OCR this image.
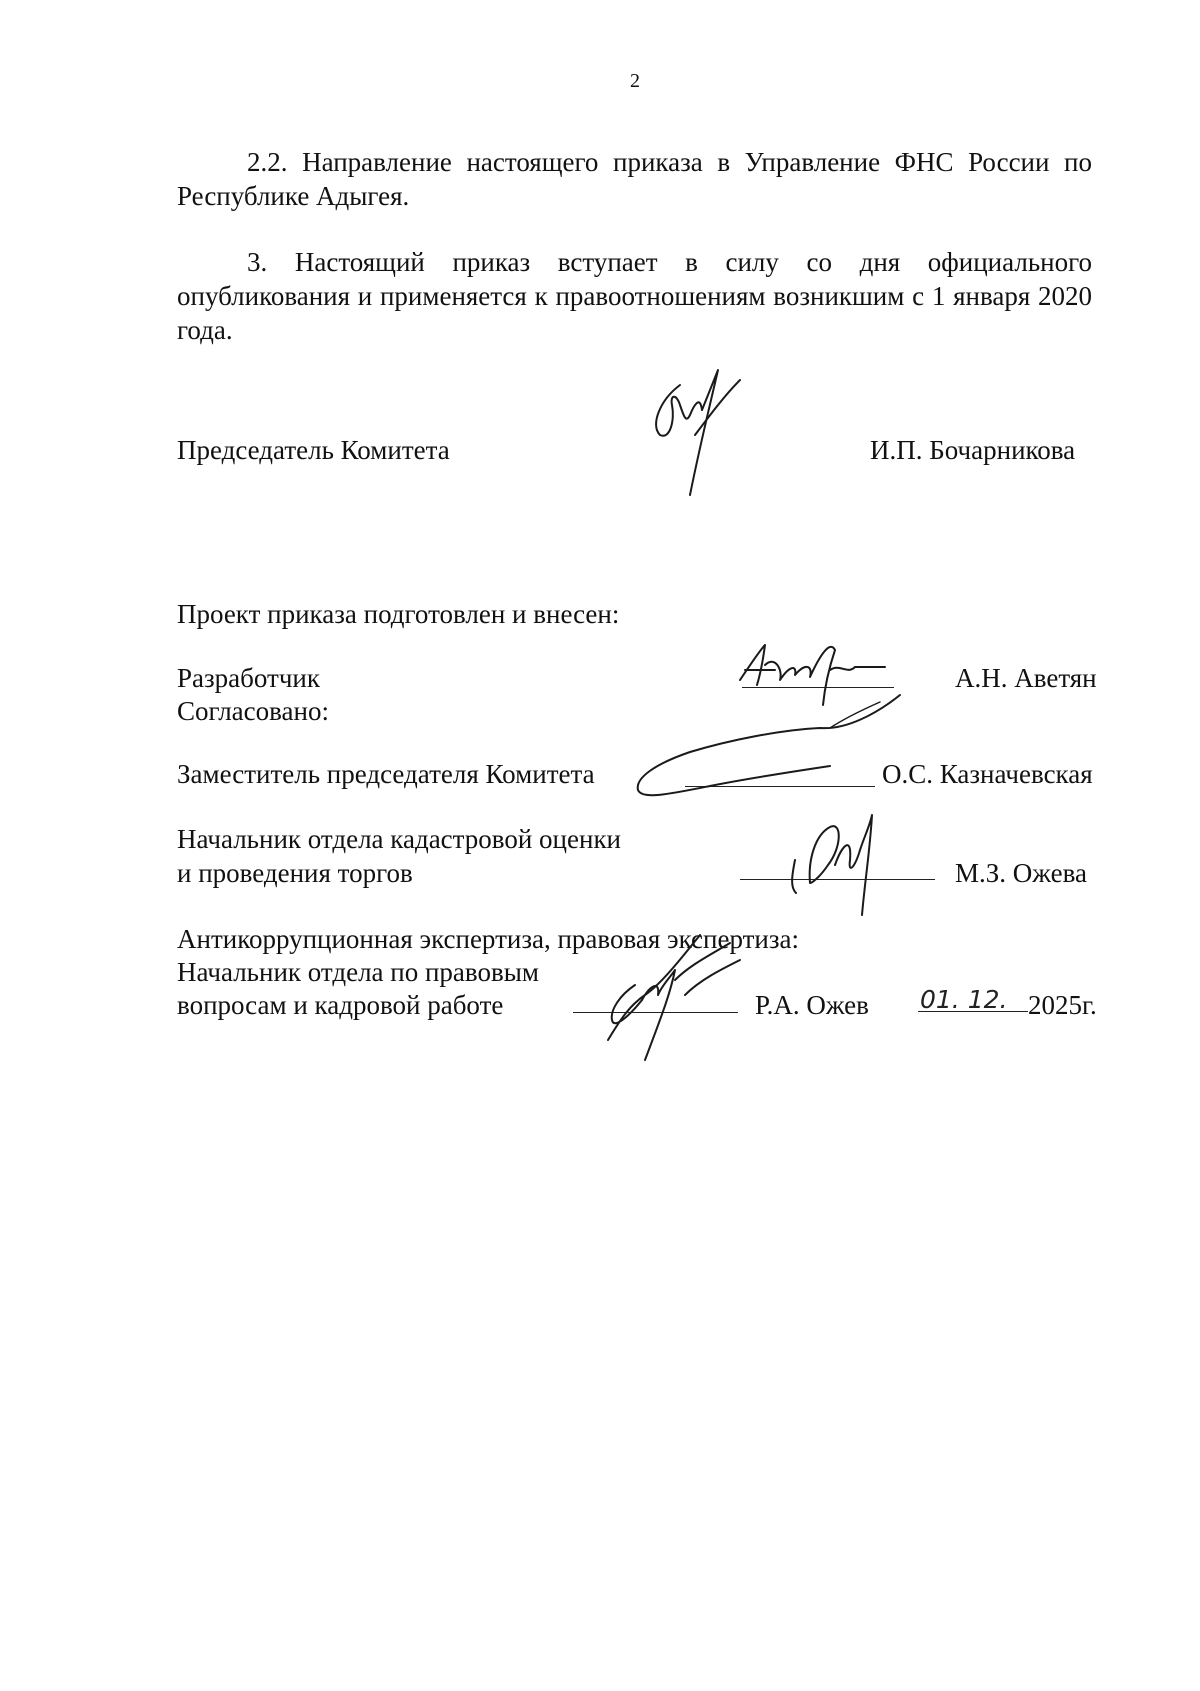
2
2.2. Направление настоящего приказа в Управление ФНС России по Республике Адыгея.
3. Настоящий приказ вступает в силу со дня официального опубликования и применяется к правоотношениям возникшим с 1 января 2020 года.
Председатель Комитета	И.П. Бочарникова
Проект приказа подготовлен и внесен:
Разработчик	А.Н. Аветян
Согласовано:
Заместитель председателя Комитета	О.С. Казначевская
Начальник отдела кадастровой оценки
и проведения торгов	М.З. Ожева
Антикоррупционная экспертиза, правовая экспертиза:
Начальник отдела по правовым
вопросам и кадровой работе	Р.А. Ожев 01. 12. 2025г.
